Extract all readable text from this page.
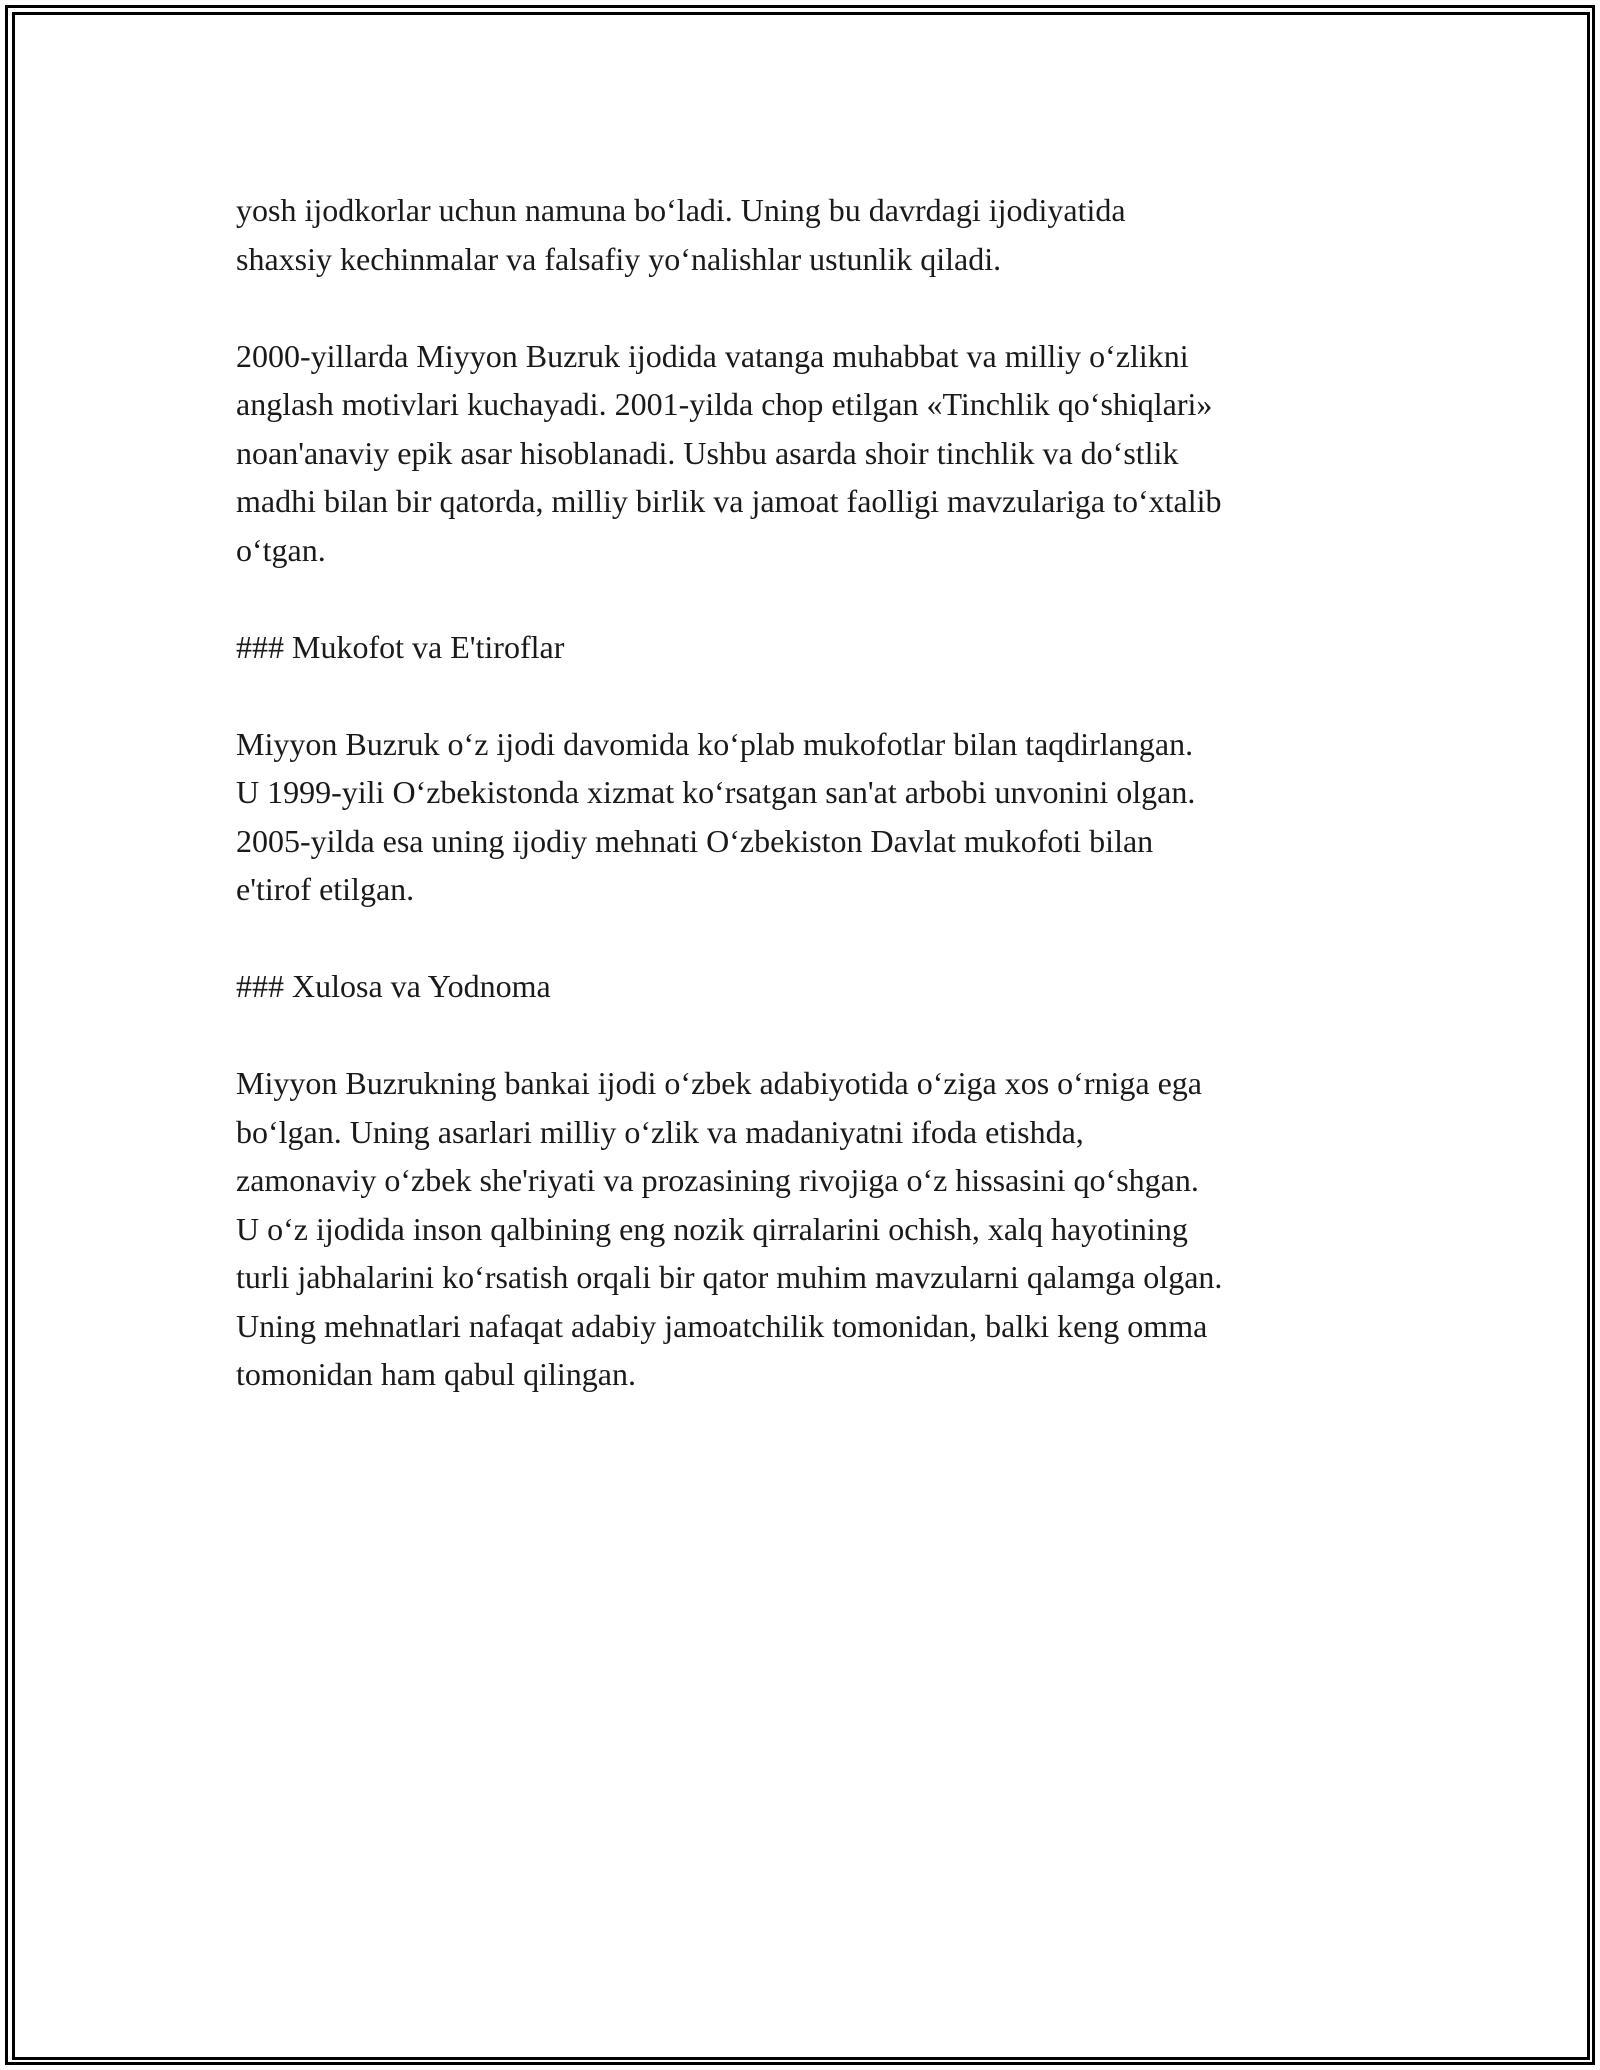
yosh ijodkorlar uchun namuna bo‘ladi. Uning bu davrdagi ijodiyatida
shaxsiy kechinmalar va falsafiy yo‘nalishlar ustunlik qiladi.

2000-yillarda Miyyon Buzruk ijodida vatanga muhabbat va milliy o‘zlikni
anglash motivlari kuchayadi. 2001-yilda chop etilgan «Tinchlik qo‘shiqlari»
noan'anaviy epik asar hisoblanadi. Ushbu asarda shoir tinchlik va do‘stlik
madhi bilan bir qatorda, milliy birlik va jamoat faolligi mavzulariga to‘xtalib
o‘tgan.

### Mukofot va E'tiroflar

Miyyon Buzruk o‘z ijodi davomida ko‘plab mukofotlar bilan taqdirlangan.
U 1999-yili O‘zbekistonda xizmat ko‘rsatgan san'at arbobi unvonini olgan.
2005-yilda esa uning ijodiy mehnati O‘zbekiston Davlat mukofoti bilan
e'tirof etilgan.

### Xulosa va Yodnoma

Miyyon Buzrukning bankai ijodi o‘zbek adabiyotida o‘ziga xos o‘rniga ega
bo‘lgan. Uning asarlari milliy o‘zlik va madaniyatni ifoda etishda,
zamonaviy o‘zbek she'riyati va prozasining rivojiga o‘z hissasini qo‘shgan.
U o‘z ijodida inson qalbining eng nozik qirralarini ochish, xalq hayotining
turli jabhalarini ko‘rsatish orqali bir qator muhim mavzularni qalamga olgan.
Uning mehnatlari nafaqat adabiy jamoatchilik tomonidan, balki keng omma
tomonidan ham qabul qilingan.
